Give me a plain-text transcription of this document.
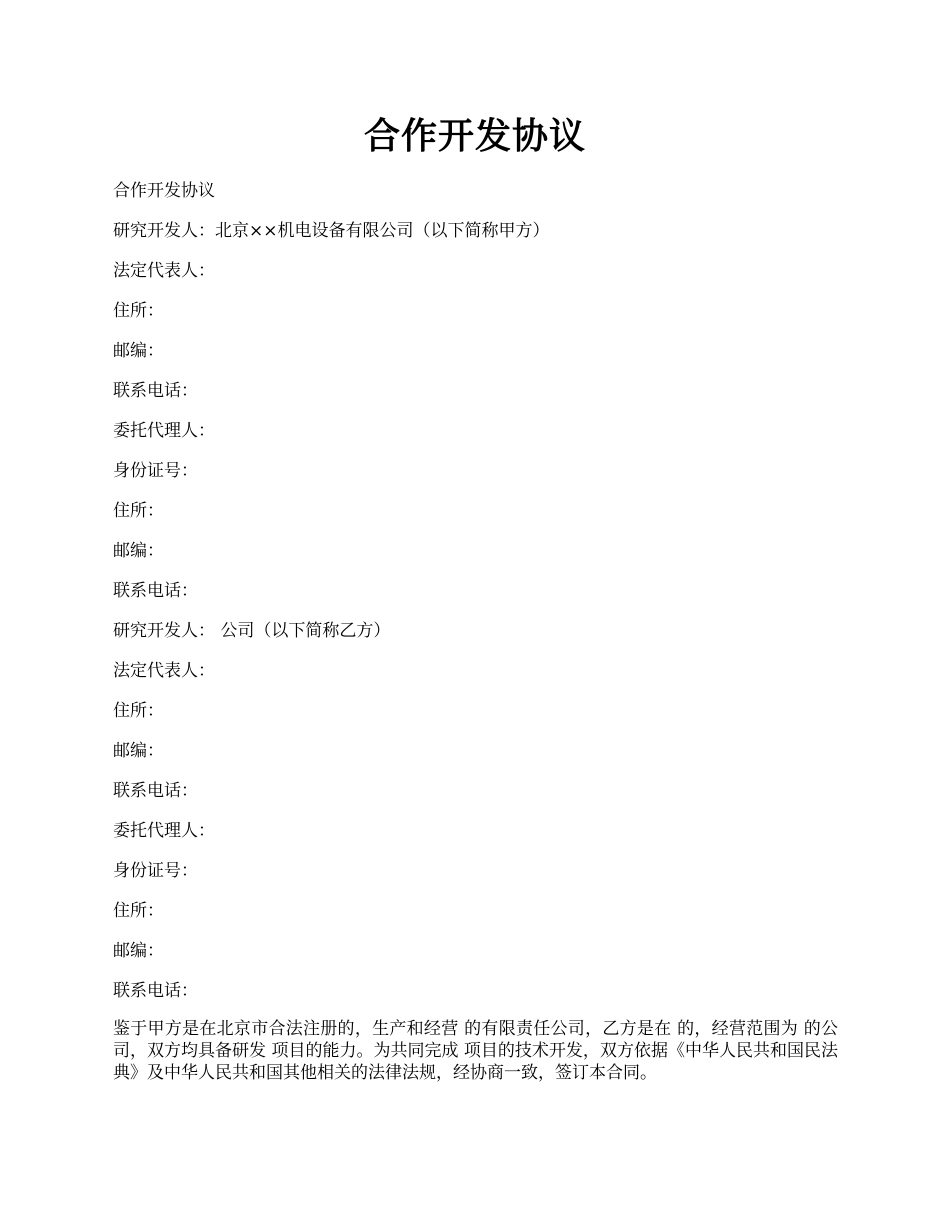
合作开发协议
合作开发协议
研究开发人：北京××机电设备有限公司（以下简称甲方）
法定代表人：
住所：
邮编：
联系电话：
委托代理人：
身份证号：
住所：
邮编：
联系电话：
研究开发人： 公司（以下简称乙方）
法定代表人：
住所：
邮编：
联系电话：
委托代理人：
身份证号：
住所：
邮编：
联系电话：
鉴于甲方是在北京市合法注册的，生产和经营 的有限责任公司，乙方是在 的，经营范围为 的公司，双方均具备研发 项目的能力。为共同完成 项目的技术开发，双方依据《中华人民共和国民法典》及中华人民共和国其他相关的法律法规，经协商一致，签订本合同。
